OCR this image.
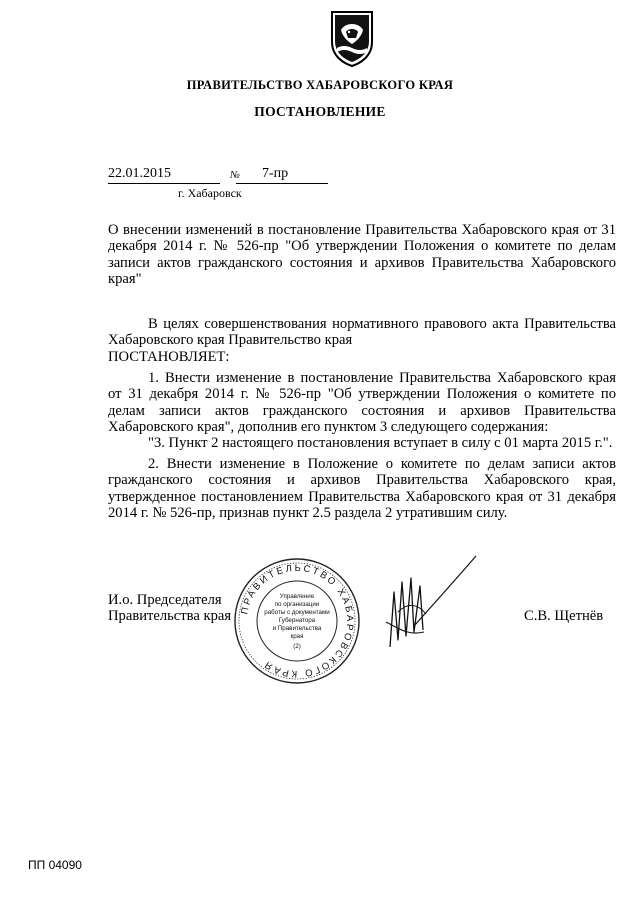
ПРАВИТЕЛЬСТВО ХАБАРОВСКОГО КРАЯ
ПОСТАНОВЛЕНИЕ
22.01.2015	№ 7-пр
г. Хабаровск

О внесении изменений в постановление Правительства Хабаровского края от 31 декабря 2014 г. № 526-пр "Об утверждении Положения о комитете по делам записи актов гражданского состояния и архивов Правительства Хабаровского края"

В целях совершенствования нормативного правового акта Правительства Хабаровского края Правительство края

ПОСТАНОВЛЯЕТ:

1. Внести изменение в постановление Правительства Хабаровского края от 31 декабря 2014 г. № 526-пр "Об утверждении Положения о комитете по делам записи актов гражданского состояния и архивов Правительства Хабаровского края", дополнив его пунктом 3 следующего содержания:

"3. Пункт 2 настоящего постановления вступает в силу с 01 марта 2015 г.".

2. Внести изменение в Положение о комитете по делам записи актов гражданского состояния и архивов Правительства Хабаровского края, утвержденное постановлением Правительства Хабаровского края от 31 декабря 2014 г. № 526-пр, признав пункт 2.5 раздела 2 утратившим силу.

И.о. Председателя
Правительства края ПРАВИТЕЛЬСТВО ХАБАРОВСКОГО КРАЯ
Управление
по организации
работы с документами
Губернатора
и Правительства
края
(2)
С.В. Щетнёв
ПП 04090
